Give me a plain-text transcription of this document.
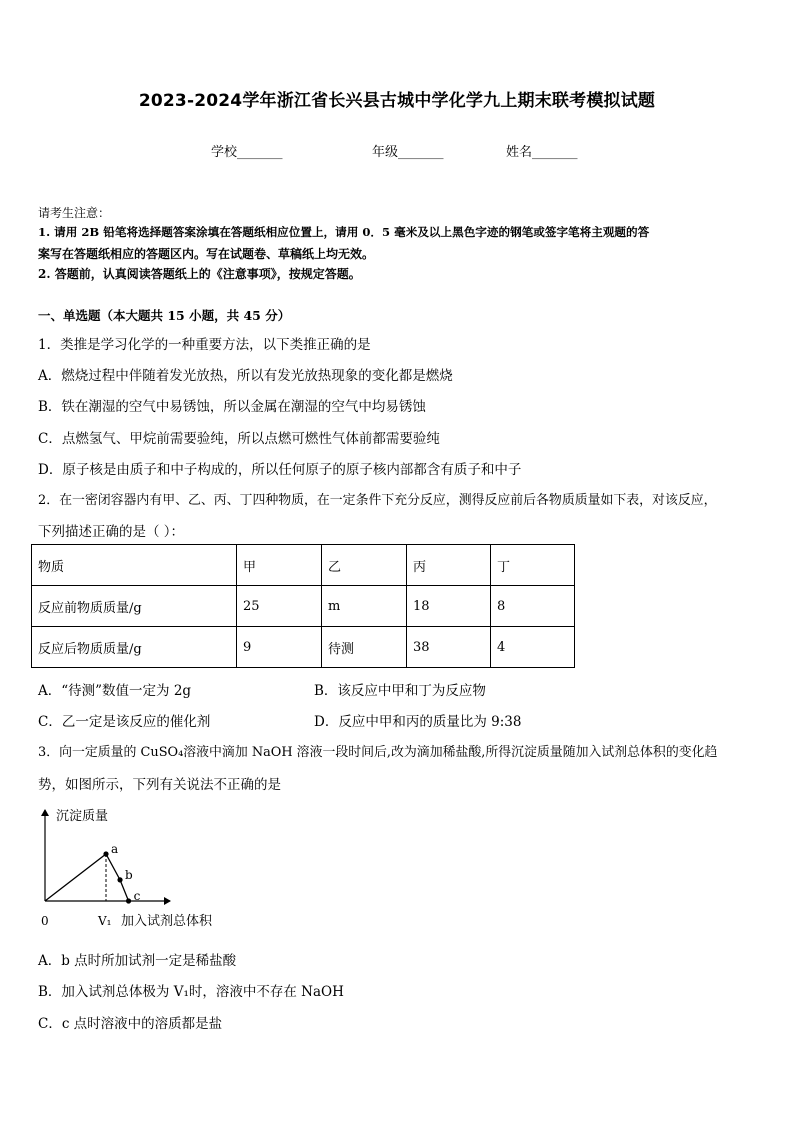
2023-2024学年浙江省长兴县古城中学化学九上期末联考模拟试题
学校_______	年级_______	姓名_______
请考生注意：
1. 请用 2B 铅笔将选择题答案涂填在答题纸相应位置上，请用 0．5 毫米及以上黑色字迹的钢笔或签字笔将主观题的答
案写在答题纸相应的答题区内。写在试题卷、草稿纸上均无效。
2. 答题前，认真阅读答题纸上的《注意事项》，按规定答题。
一、单选题（本大题共 15 小题，共 45 分）
1．类推是学习化学的一种重要方法，以下类推正确的是
A．燃烧过程中伴随着发光放热，所以有发光放热现象的变化都是燃烧
B．铁在潮湿的空气中易锈蚀，所以金属在潮湿的空气中均易锈蚀
C．点燃氢气、甲烷前需要验纯，所以点燃可燃性气体前都需要验纯
D．原子核是由质子和中子构成的，所以任何原子的原子核内部都含有质子和中子
2．在一密闭容器内有甲、乙、丙、丁四种物质，在一定条件下充分反应，测得反应前后各物质质量如下表，对该反应，
下列描述正确的是（ ）：
物质	甲	乙	丙	丁
反应前物质质量/g	25	m	18	8
反应后物质质量/g	9	待测	38	4
A．“待测”数值一定为 2g	B．该反应中甲和丁为反应物
C．乙一定是该反应的催化剂	D．反应中甲和丙的质量比为 9:38
3．向一定质量的 CuSO₄溶液中滴加 NaOH 溶液一段时间后,改为滴加稀盐酸,所得沉淀质量随加入试剂总体积的变化趋
势，如图所示，下列有关说法不正确的是
沉淀质量
0	V₁ 加入试剂总体积
a
b
c
A．b 点时所加试剂一定是稀盐酸
B．加入试剂总体极为 V₁时，溶液中不存在 NaOH
C．c 点时溶液中的溶质都是盐
